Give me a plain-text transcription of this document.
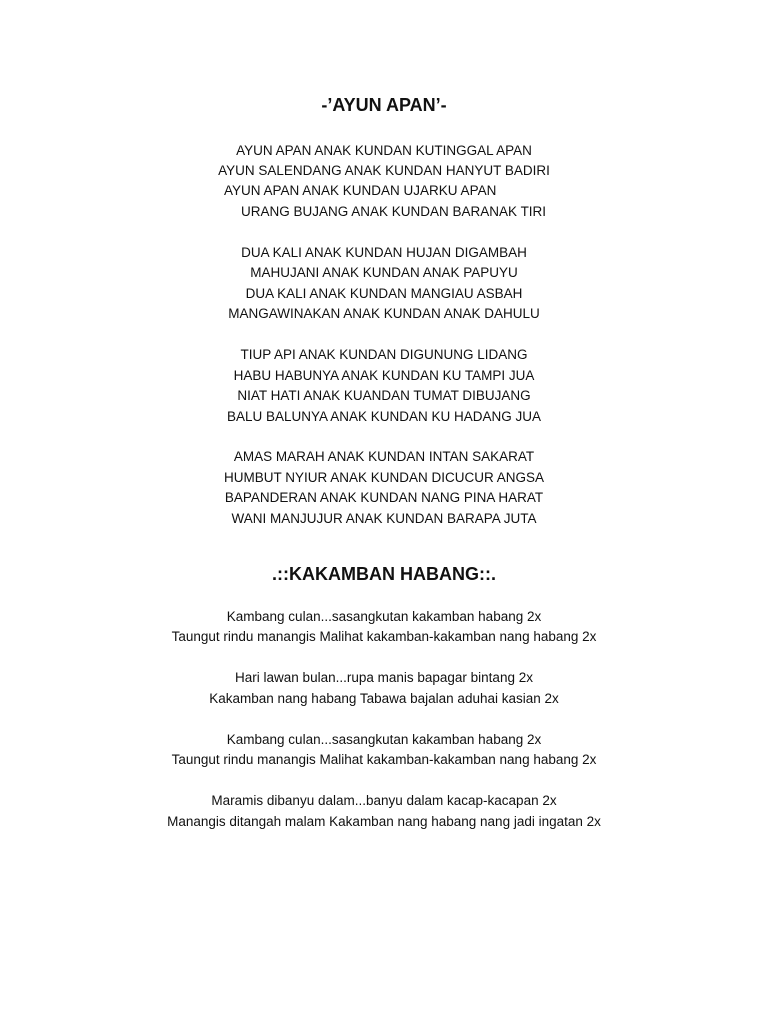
-’AYUN APAN’-
AYUN APAN ANAK KUNDAN KUTINGGAL APAN
AYUN SALENDANG ANAK KUNDAN HANYUT BADIRI
AYUN APAN ANAK KUNDAN UJARKU APAN
URANG BUJANG ANAK KUNDAN BARANAK TIRI
DUA KALI ANAK KUNDAN HUJAN DIGAMBAH
MAHUJANI ANAK KUNDAN ANAK PAPUYU
DUA KALI ANAK KUNDAN MANGIAU ASBAH
MANGAWINAKAN ANAK KUNDAN ANAK DAHULU
TIUP API ANAK KUNDAN DIGUNUNG LIDANG
HABU HABUNYA ANAK KUNDAN KU TAMPI JUA
NIAT HATI ANAK KUANDAN TUMAT DIBUJANG
BALU BALUNYA ANAK KUNDAN KU HADANG JUA
AMAS MARAH ANAK KUNDAN INTAN SAKARAT
HUMBUT NYIUR ANAK KUNDAN DICUCUR ANGSA
BAPANDERAN ANAK KUNDAN NANG PINA HARAT
WANI MANJUJUR ANAK KUNDAN BARAPA JUTA
.::KAKAMBAN HABANG::.
Kambang culan...sasangkutan kakamban habang 2x
Taungut rindu manangis Malihat kakamban-kakamban nang habang 2x
Hari lawan bulan...rupa manis bapagar bintang 2x
Kakamban nang habang Tabawa bajalan aduhai kasian 2x
Kambang culan...sasangkutan kakamban habang 2x
Taungut rindu manangis Malihat kakamban-kakamban nang habang 2x
Maramis dibanyu dalam...banyu dalam kacap-kacapan 2x
Manangis ditangah malam Kakamban nang habang nang jadi ingatan 2x
